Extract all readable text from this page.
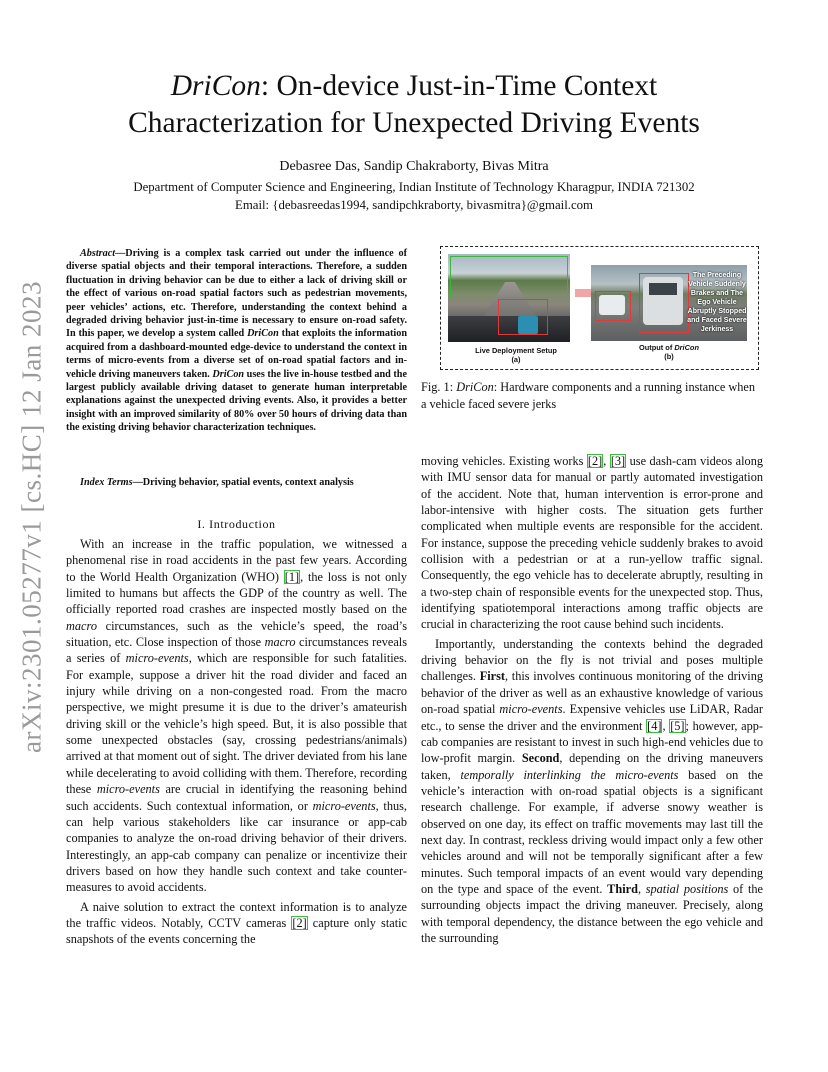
arXiv:2301.05277v1 [cs.HC] 12 Jan 2023
DriCon: On-device Just-in-Time Context
Characterization for Unexpected Driving Events
Debasree Das, Sandip Chakraborty, Bivas Mitra
Department of Computer Science and Engineering, Indian Institute of Technology Kharagpur, INDIA 721302
Email: {debasreedas1994, sandipchkraborty, bivasmitra}@gmail.com
Abstract—Driving is a complex task carried out under the influence of diverse spatial objects and their temporal interactions. Therefore, a sudden fluctuation in driving behavior can be due to either a lack of driving skill or the effect of various on-road spatial factors such as pedestrian movements, peer vehicles’ actions, etc. Therefore, understanding the context behind a degraded driving behavior just-in-time is necessary to ensure on-road safety. In this paper, we develop a system called DriCon that exploits the information acquired from a dashboard-mounted edge-device to understand the context in terms of micro-events from a diverse set of on-road spatial factors and in-vehicle driving maneuvers taken. DriCon uses the live in-house testbed and the largest publicly available driving dataset to generate human interpretable explanations against the unexpected driving events. Also, it provides a better insight with an improved similarity of 80% over 50 hours of driving data than the existing driving behavior characterization techniques.
Index Terms—Driving behavior, spatial events, context analysis
I. Introduction

With an increase in the traffic population, we witnessed a phenomenal rise in road accidents in the past few years. According to the World Health Organization (WHO) [1], the loss is not only limited to humans but affects the GDP of the country as well. The officially reported road crashes are inspected mostly based on the macro circumstances, such as the vehicle’s speed, the road’s situation, etc. Close inspection of those macro circumstances reveals a series of micro-events, which are responsible for such fatalities. For example, suppose a driver hit the road divider and faced an injury while driving on a non-congested road. From the macro perspective, we might presume it is due to the driver’s amateurish driving skill or the vehicle’s high speed. But, it is also possible that some unexpected obstacles (say, crossing pedestrians/animals) arrived at that moment out of sight. The driver deviated from his lane while decelerating to avoid colliding with them. Therefore, recording these micro-events are crucial in identifying the reasoning behind such accidents. Such contextual information, or micro-events, thus, can help various stakeholders like car insurance or app-cab companies to analyze the on-road driving behavior of their drivers. Interestingly, an app-cab company can penalize or incentivize their drivers based on how they handle such context and take counter-measures to avoid accidents.

A naive solution to extract the context information is to analyze the traffic videos. Notably, CCTV cameras [2] capture only static snapshots of the events concerning the

The Preceding Vehicle Suddenly Brakes and The Ego Vehicle Abruptly Stopped and Faced Severe Jerkiness
Live Deployment Setup
(a)
Output of DriCon
(b)
Fig. 1: DriCon: Hardware components and a running instance when a vehicle faced severe jerks

moving vehicles. Existing works [2], [3] use dash-cam videos along with IMU sensor data for manual or partly automated investigation of the accident. Note that, human intervention is error-prone and labor-intensive with higher costs. The situation gets further complicated when multiple events are responsible for the accident. For instance, suppose the preceding vehicle suddenly brakes to avoid collision with a pedestrian or at a run-yellow traffic signal. Consequently, the ego vehicle has to decelerate abruptly, resulting in a two-step chain of responsible events for the unexpected stop. Thus, identifying spatiotemporal interactions among traffic objects are crucial in characterizing the root cause behind such incidents.

Importantly, understanding the contexts behind the degraded driving behavior on the fly is not trivial and poses multiple challenges. First, this involves continuous monitoring of the driving behavior of the driver as well as an exhaustive knowledge of various on-road spatial micro-events. Expensive vehicles use LiDAR, Radar etc., to sense the driver and the environment [4], [5]; however, app-cab companies are resistant to invest in such high-end vehicles due to low-profit margin. Second, depending on the driving maneuvers taken, temporally interlinking the micro-events based on the vehicle’s interaction with on-road spatial objects is a significant research challenge. For example, if adverse snowy weather is observed on one day, its effect on traffic movements may last till the next day. In contrast, reckless driving would impact only a few other vehicles around and will not be temporally significant after a few minutes. Such temporal impacts of an event would vary depending on the type and space of the event. Third, spatial positions of the surrounding objects impact the driving maneuver. Precisely, along with temporal dependency, the distance between the ego vehicle and the surrounding
